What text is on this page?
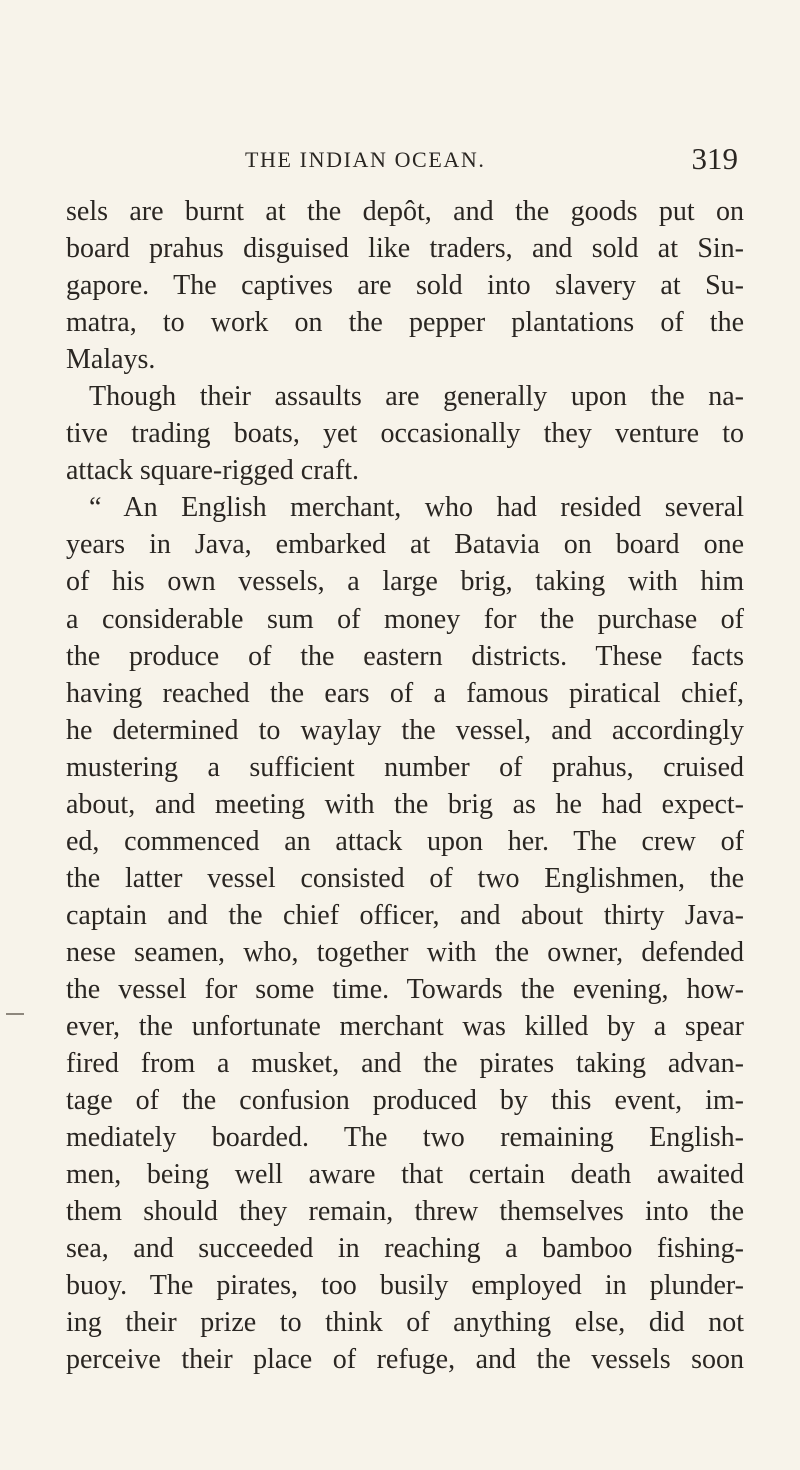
THE INDIAN OCEAN.	319
sels are burnt at the depôt, and the goods put on
board prahus disguised like traders, and sold at Sin-
gapore. The captives are sold into slavery at Su-
matra, to work on the pepper plantations of the
Malays.
Though their assaults are generally upon the na-
tive trading boats, yet occasionally they venture to
attack square-rigged craft.
“ An English merchant, who had resided several
years in Java, embarked at Batavia on board one
of his own vessels, a large brig, taking with him
a considerable sum of money for the purchase of
the produce of the eastern districts. These facts
having reached the ears of a famous piratical chief,
he determined to waylay the vessel, and accordingly
mustering a sufficient number of prahus, cruised
about, and meeting with the brig as he had expect-
ed, commenced an attack upon her. The crew of
the latter vessel consisted of two Englishmen, the
captain and the chief officer, and about thirty Java-
nese seamen, who, together with the owner, defended
the vessel for some time. Towards the evening, how-
ever, the unfortunate merchant was killed by a spear
fired from a musket, and the pirates taking advan-
tage of the confusion produced by this event, im-
mediately boarded. The two remaining English-
men, being well aware that certain death awaited
them should they remain, threw themselves into the
sea, and succeeded in reaching a bamboo fishing-
buoy. The pirates, too busily employed in plunder-
ing their prize to think of anything else, did not
perceive their place of refuge, and the vessels soon
